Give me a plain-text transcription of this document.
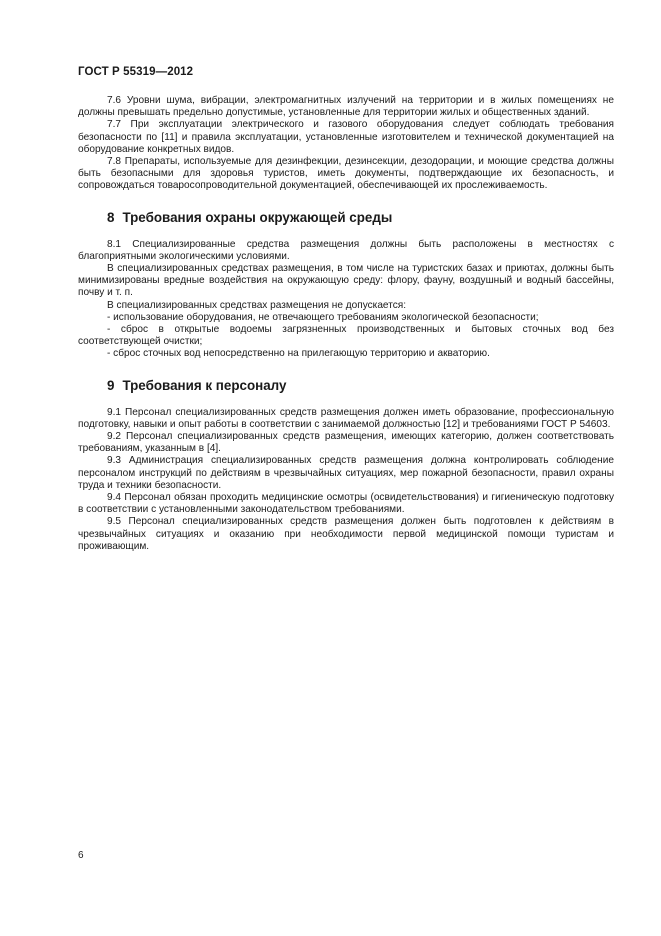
ГОСТ Р 55319—2012

7.6 Уровни шума, вибрации, электромагнитных излучений на территории и в жилых помещениях не должны превышать предельно допустимые, установленные для территории жилых и общественных зданий.

7.7 При эксплуатации электрического и газового оборудования следует соблюдать требования безопасности по [11] и правила эксплуатации, установленные изготовителем и технической документацией на оборудование конкретных видов.

7.8 Препараты, используемые для дезинфекции, дезинсекции, дезодорации, и моющие средства должны быть безопасными для здоровья туристов, иметь документы, подтверждающие их безопасность, и сопровождаться товаросопроводительной документацией, обеспечивающей их прослеживаемость.

8 Требования охраны окружающей среды

8.1 Специализированные средства размещения должны быть расположены в местностях с благоприятными экологическими условиями.

В специализированных средствах размещения, в том числе на туристских базах и приютах, должны быть минимизированы вредные воздействия на окружающую среду: флору, фауну, воздушный и водный бассейны, почву и т. п.

В специализированных средствах размещения не допускается:

- использование оборудования, не отвечающего требованиям экологической безопасности;

- сброс в открытые водоемы загрязненных производственных и бытовых сточных вод без соответствующей очистки;

- сброс сточных вод непосредственно на прилегающую территорию и акваторию.

9 Требования к персоналу

9.1 Персонал специализированных средств размещения должен иметь образование, профессиональную подготовку, навыки и опыт работы в соответствии с занимаемой должностью [12] и требованиями ГОСТ Р 54603.

9.2 Персонал специализированных средств размещения, имеющих категорию, должен соответствовать требованиям, указанным в [4].

9.3 Администрация специализированных средств размещения должна контролировать соблюдение персоналом инструкций по действиям в чрезвычайных ситуациях, мер пожарной безопасности, правил охраны труда и техники безопасности.

9.4 Персонал обязан проходить медицинские осмотры (освидетельствования) и гигиеническую подготовку в соответствии с установленными законодательством требованиями.

9.5 Персонал специализированных средств размещения должен быть подготовлен к действиям в чрезвычайных ситуациях и оказанию при необходимости первой медицинской помощи туристам и проживающим.

6
